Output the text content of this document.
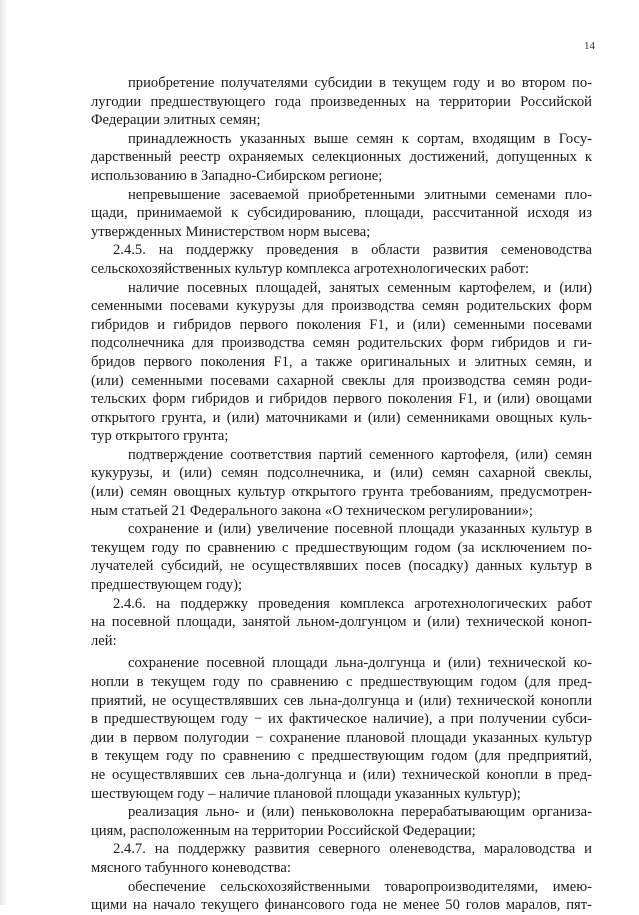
14
приобретение получателями субсидии в текущем году и во втором по-
лугодии предшествующего года произведенных на территории Российской
Федерации элитных семян;
принадлежность указанных выше семян к сортам, входящим в Госу-
дарственный реестр охраняемых селекционных достижений, допущенных к
использованию в Западно-Сибирском регионе;
непревышение засеваемой приобретенными элитными семенами пло-
щади, принимаемой к субсидированию, площади, рассчитанной исходя из
утвержденных Министерством норм высева;
2.4.5. на поддержку проведения в области развития семеноводства
сельскохозяйственных культур комплекса агротехнологических работ:
наличие посевных площадей, занятых семенным картофелем, и (или)
семенными посевами кукурузы для производства семян родительских форм
гибридов и гибридов первого поколения F1, и (или) семенными посевами
подсолнечника для производства семян родительских форм гибридов и ги-
бридов первого поколения F1, а также оригинальных и элитных семян, и
(или) семенными посевами сахарной свеклы для производства семян роди-
тельских форм гибридов и гибридов первого поколения F1, и (или) овощами
открытого грунта, и (или) маточниками и (или) семенниками овощных куль-
тур открытого грунта;
подтверждение соответствия партий семенного картофеля, (или) семян
кукурузы, и (или) семян подсолнечника, и (или) семян сахарной свеклы,
(или) семян овощных культур открытого грунта требованиям, предусмотрен-
ным статьей 21 Федерального закона «О техническом регулировании»;
сохранение и (или) увеличение посевной площади указанных культур в
текущем году по сравнению с предшествующим годом (за исключением по-
лучателей субсидий, не осуществлявших посев (посадку) данных культур в
предшествующем году);
2.4.6. на поддержку проведения комплекса агротехнологических работ
на посевной площади, занятой льном-долгунцом и (или) технической коноп-
лей:
сохранение посевной площади льна-долгунца и (или) технической ко-
нопли в текущем году по сравнению с предшествующим годом (для пред-
приятий, не осуществлявших сев льна-долгунца и (или) технической конопли
в предшествующем году − их фактическое наличие), а при получении субси-
дии в первом полугодии − сохранение плановой площади указанных культур
в текущем году по сравнению с предшествующим годом (для предприятий,
не осуществлявших сев льна-долгунца и (или) технической конопли в пред-
шествующем году – наличие плановой площади указанных культур);
реализация льно- и (или) пеньковолокна перерабатывающим организа-
циям, расположенным на территории Российской Федерации;
2.4.7. на поддержку развития северного оленеводства, мараловодства и
мясного табунного коневодства:
обеспечение сельскохозяйственными товаропроизводителями, имею-
щими на начало текущего финансового года не менее 50 голов маралов, пят-
